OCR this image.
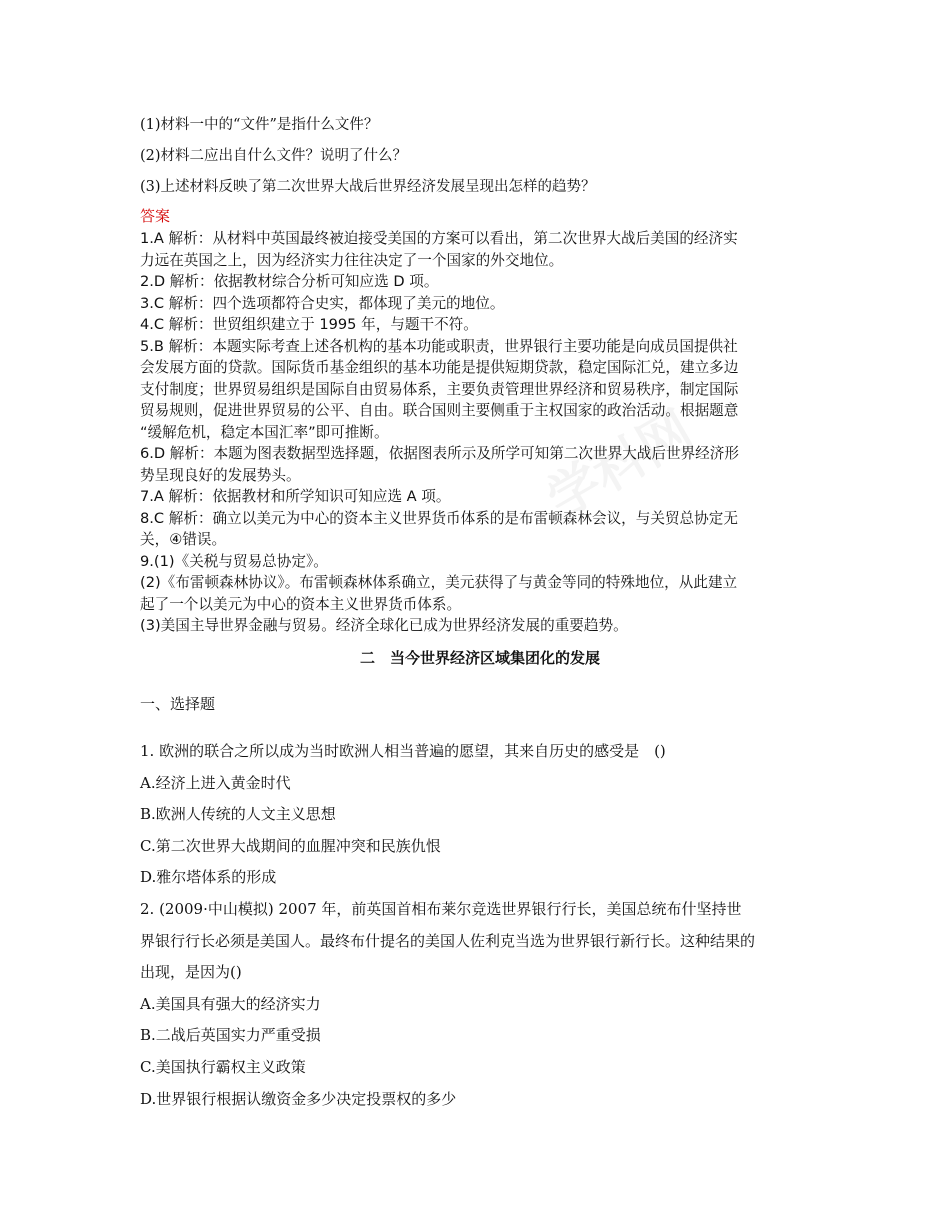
学科网
(1)材料一中的“文件”是指什么文件？
(2)材料二应出自什么文件？说明了什么？
(3)上述材料反映了第二次世界大战后世界经济发展呈现出怎样的趋势？
答案
1.A 解析：从材料中英国最终被迫接受美国的方案可以看出，第二次世界大战后美国的经济实
力远在英国之上，因为经济实力往往决定了一个国家的外交地位。
2.D 解析：依据教材综合分析可知应选 D 项。
3.C 解析：四个选项都符合史实，都体现了美元的地位。
4.C 解析：世贸组织建立于 1995 年，与题干不符。
5.B 解析：本题实际考查上述各机构的基本功能或职责，世界银行主要功能是向成员国提供社
会发展方面的贷款。国际货币基金组织的基本功能是提供短期贷款，稳定国际汇兑，建立多边
支付制度；世界贸易组织是国际自由贸易体系，主要负责管理世界经济和贸易秩序，制定国际
贸易规则，促进世界贸易的公平、自由。联合国则主要侧重于主权国家的政治活动。根据题意
“缓解危机，稳定本国汇率”即可推断。
6.D 解析：本题为图表数据型选择题，依据图表所示及所学可知第二次世界大战后世界经济形
势呈现良好的发展势头。
7.A 解析：依据教材和所学知识可知应选 A 项。
8.C 解析：确立以美元为中心的资本主义世界货币体系的是布雷顿森林会议，与关贸总协定无
关，④错误。
9.(1)《关税与贸易总协定》。
(2)《布雷顿森林协议》。布雷顿森林体系确立，美元获得了与黄金等同的特殊地位，从此建立
起了一个以美元为中心的资本主义世界货币体系。
(3)美国主导世界金融与贸易。经济全球化已成为世界经济发展的重要趋势。
二　当今世界经济区域集团化的发展
一、选择题
1. 欧洲的联合之所以成为当时欧洲人相当普遍的愿望，其来自历史的感受是　()
A.经济上进入黄金时代
B.欧洲人传统的人文主义思想
C.第二次世界大战期间的血腥冲突和民族仇恨
D.雅尔塔体系的形成
2. (2009·中山模拟) 2007 年，前英国首相布莱尔竞选世界银行行长，美国总统布什坚持世
界银行行长必须是美国人。最终布什提名的美国人佐利克当选为世界银行新行长。这种结果的
出现，是因为()
A.美国具有强大的经济实力
B.二战后英国实力严重受损
C.美国执行霸权主义政策
D.世界银行根据认缴资金多少决定投票权的多少
